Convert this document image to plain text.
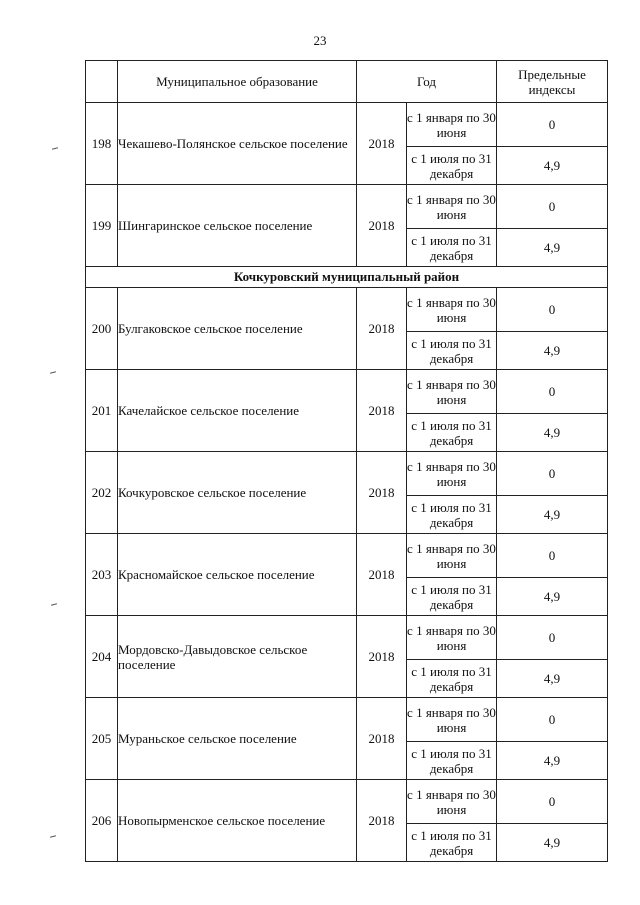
23
	Муниципальное образование	Год		Предельные индексы
198	Чекашево-Полянское сельское поселение	2018	с 1 января по 30 июня	0
			с 1 июля по 31 декабря	4,9
199	Шингаринское сельское поселение	2018	с 1 января по 30 июня	0
			с 1 июля по 31 декабря	4,9
Кочкуровский муниципальный район				
200	Булгаковское сельское поселение	2018	с 1 января по 30 июня	0
			с 1 июля по 31 декабря	4,9
201	Качелайское сельское поселение	2018	с 1 января по 30 июня	0
			с 1 июля по 31 декабря	4,9
202	Кочкуровское сельское поселение	2018	с 1 января по 30 июня	0
			с 1 июля по 31 декабря	4,9
203	Красномайское сельское поселение	2018	с 1 января по 30 июня	0
			с 1 июля по 31 декабря	4,9
204	Мордовско-Давыдовское сельское поселение	2018	с 1 января по 30 июня	0
			с 1 июля по 31 декабря	4,9
205	Мураньское сельское поселение	2018	с 1 января по 30 июня	0
			с 1 июля по 31 декабря	4,9
206	Новопырменское сельское поселение	2018	с 1 января по 30 июня	0
			с 1 июля по 31 декабря	4,9
